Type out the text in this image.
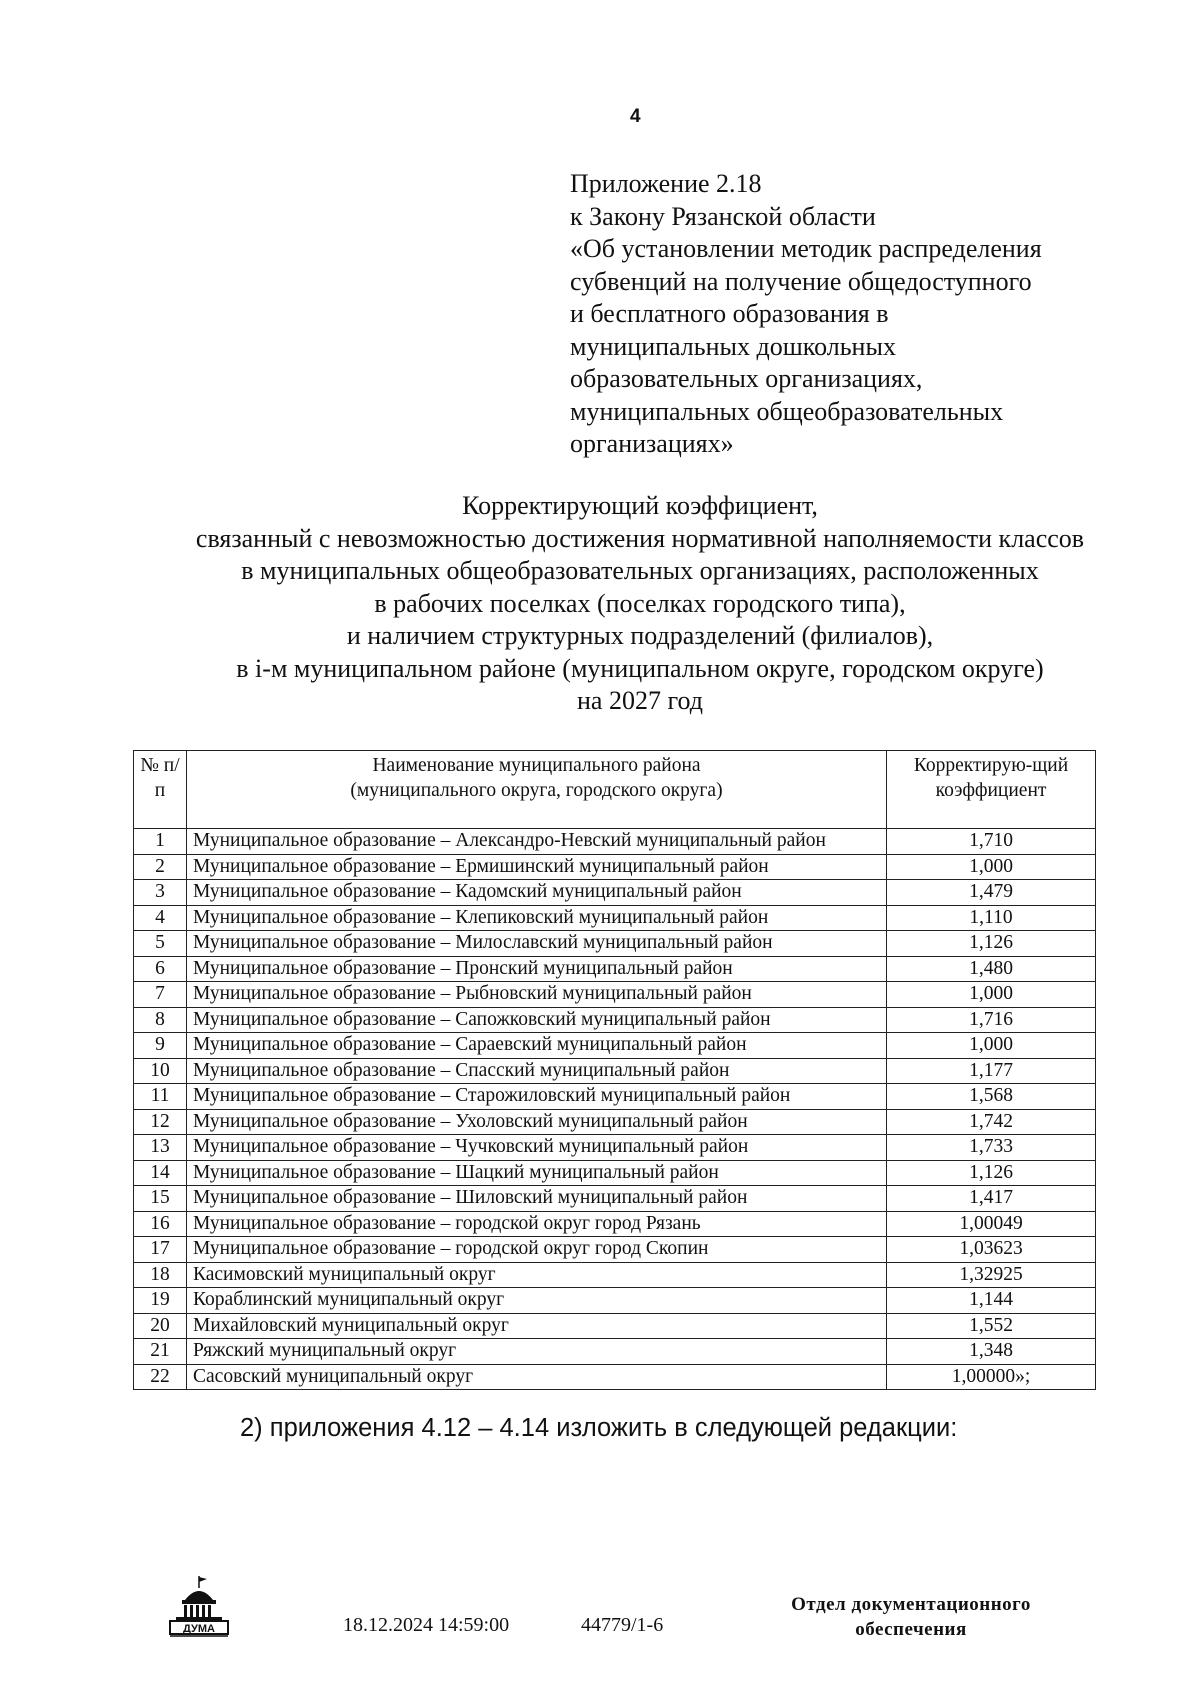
4
Приложение 2.18
к Закону Рязанской области
«Об установлении методик распределения
субвенций на получение общедоступного
и бесплатного образования в
муниципальных дошкольных
образовательных организациях,
муниципальных общеобразовательных
организациях»
Корректирующий коэффициент,
связанный с невозможностью достижения нормативной наполняемости классов
в муниципальных общеобразовательных организациях, расположенных
в рабочих поселках (поселках городского типа),
и наличием структурных подразделений (филиалов),
в i-м муниципальном районе (муниципальном округе, городском округе)
на 2027 год
№ п/п	Наименование муниципального района (муниципального округа, городского округа)	Корректирую-щий коэффициент
1	Муниципальное образование – Александро-Невский муниципальный район	1,710
2	Муниципальное образование – Ермишинский муниципальный район	1,000
3	Муниципальное образование – Кадомский муниципальный район	1,479
4	Муниципальное образование – Клепиковский муниципальный район	1,110
5	Муниципальное образование – Милославский муниципальный район	1,126
6	Муниципальное образование – Пронский муниципальный район	1,480
7	Муниципальное образование – Рыбновский муниципальный район	1,000
8	Муниципальное образование – Сапожковский муниципальный район	1,716
9	Муниципальное образование – Сараевский муниципальный район	1,000
10	Муниципальное образование – Спасский муниципальный район	1,177
11	Муниципальное образование – Старожиловский муниципальный район	1,568
12	Муниципальное образование – Ухоловский муниципальный район	1,742
13	Муниципальное образование – Чучковский муниципальный район	1,733
14	Муниципальное образование – Шацкий муниципальный район	1,126
15	Муниципальное образование – Шиловский муниципальный район	1,417
16	Муниципальное образование – городской округ город Рязань	1,00049
17	Муниципальное образование – городской округ город Скопин	1,03623
18	Касимовский муниципальный округ	1,32925
19	Кораблинский муниципальный округ	1,144
20	Михайловский муниципальный округ	1,552
21	Ряжский муниципальный округ	1,348
22	Сасовский муниципальный округ	1,00000»;
2) приложения 4.12 – 4.14 изложить в следующей редакции:
ДУМА	18.12.2024 14:59:00	44779/1-6
Отдел документационного обеспечения
